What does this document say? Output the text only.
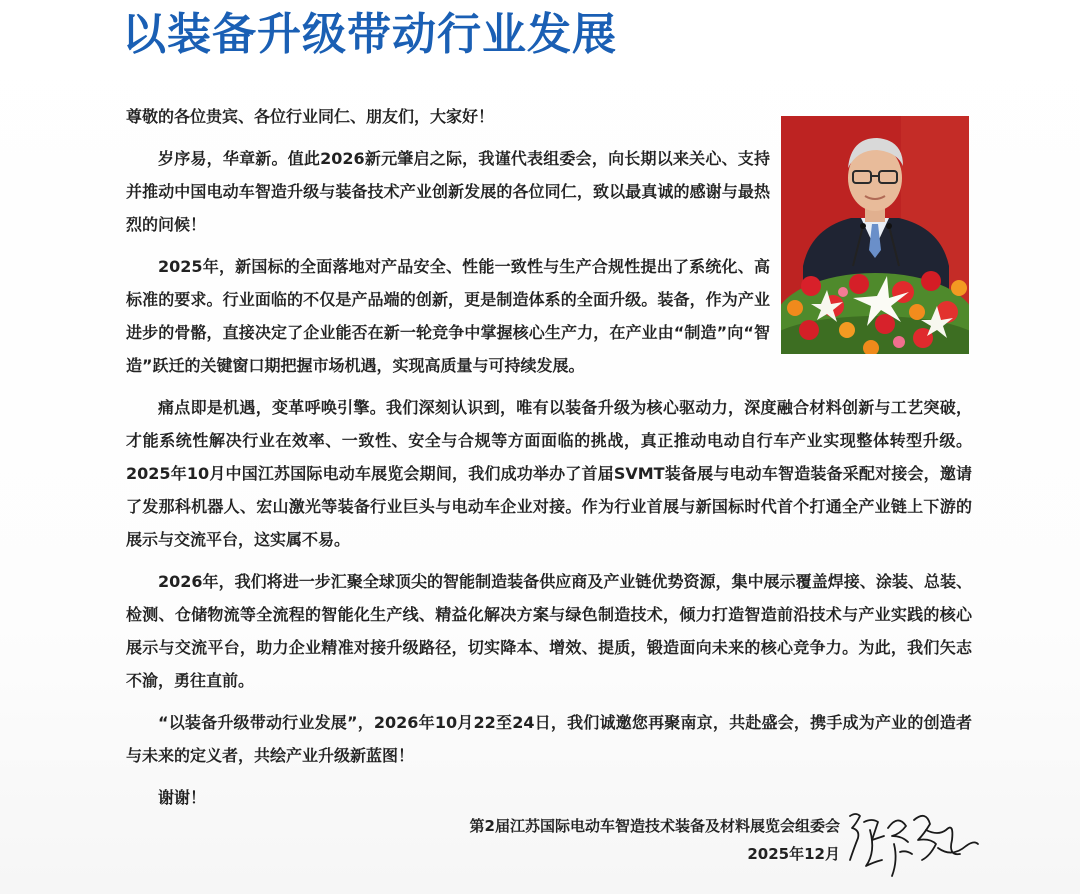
以装备升级带动行业发展

尊敬的各位贵宾、各位行业同仁、朋友们，大家好！

岁序易，华章新。值此2026新元肇启之际，我谨代表组委会，向长期以来关心、支持并推动中国电动车智造升级与装备技术产业创新发展的各位同仁，致以最真诚的感谢与最热烈的问候！

2025年，新国标的全面落地对产品安全、性能一致性与生产合规性提出了系统化、高标准的要求。行业面临的不仅是产品端的创新，更是制造体系的全面升级。装备，作为产业进步的骨骼，直接决定了企业能否在新一轮竞争中掌握核心生产力，在产业由“制造”向“智造”跃迁的关键窗口期把握市场机遇，实现高质量与可持续发展。

痛点即是机遇，变革呼唤引擎。我们深刻认识到，唯有以装备升级为核心驱动力，深度融合材料创新与工艺突破，才能系统性解决行业在效率、一致性、安全与合规等方面面临的挑战，真正推动电动自行车产业实现整体转型升级。2025年10月中国江苏国际电动车展览会期间，我们成功举办了首届SVMT装备展与电动车智造装备采配对接会，邀请了发那科机器人、宏山激光等装备行业巨头与电动车企业对接。作为行业首展与新国标时代首个打通全产业链上下游的展示与交流平台，这实属不易。

2026年，我们将进一步汇聚全球顶尖的智能制造装备供应商及产业链优势资源，集中展示覆盖焊接、涂装、总装、检测、仓储物流等全流程的智能化生产线、精益化解决方案与绿色制造技术，倾力打造智造前沿技术与产业实践的核心展示与交流平台，助力企业精准对接升级路径，切实降本、增效、提质，锻造面向未来的核心竞争力。为此，我们矢志不渝，勇往直前。

“以装备升级带动行业发展”，2026年10月22至24日，我们诚邀您再聚南京，共赴盛会，携手成为产业的创造者与未来的定义者，共绘产业升级新蓝图！

谢谢！

第2届江苏国际电动车智造技术装备及材料展览会组委会
2025年12月
